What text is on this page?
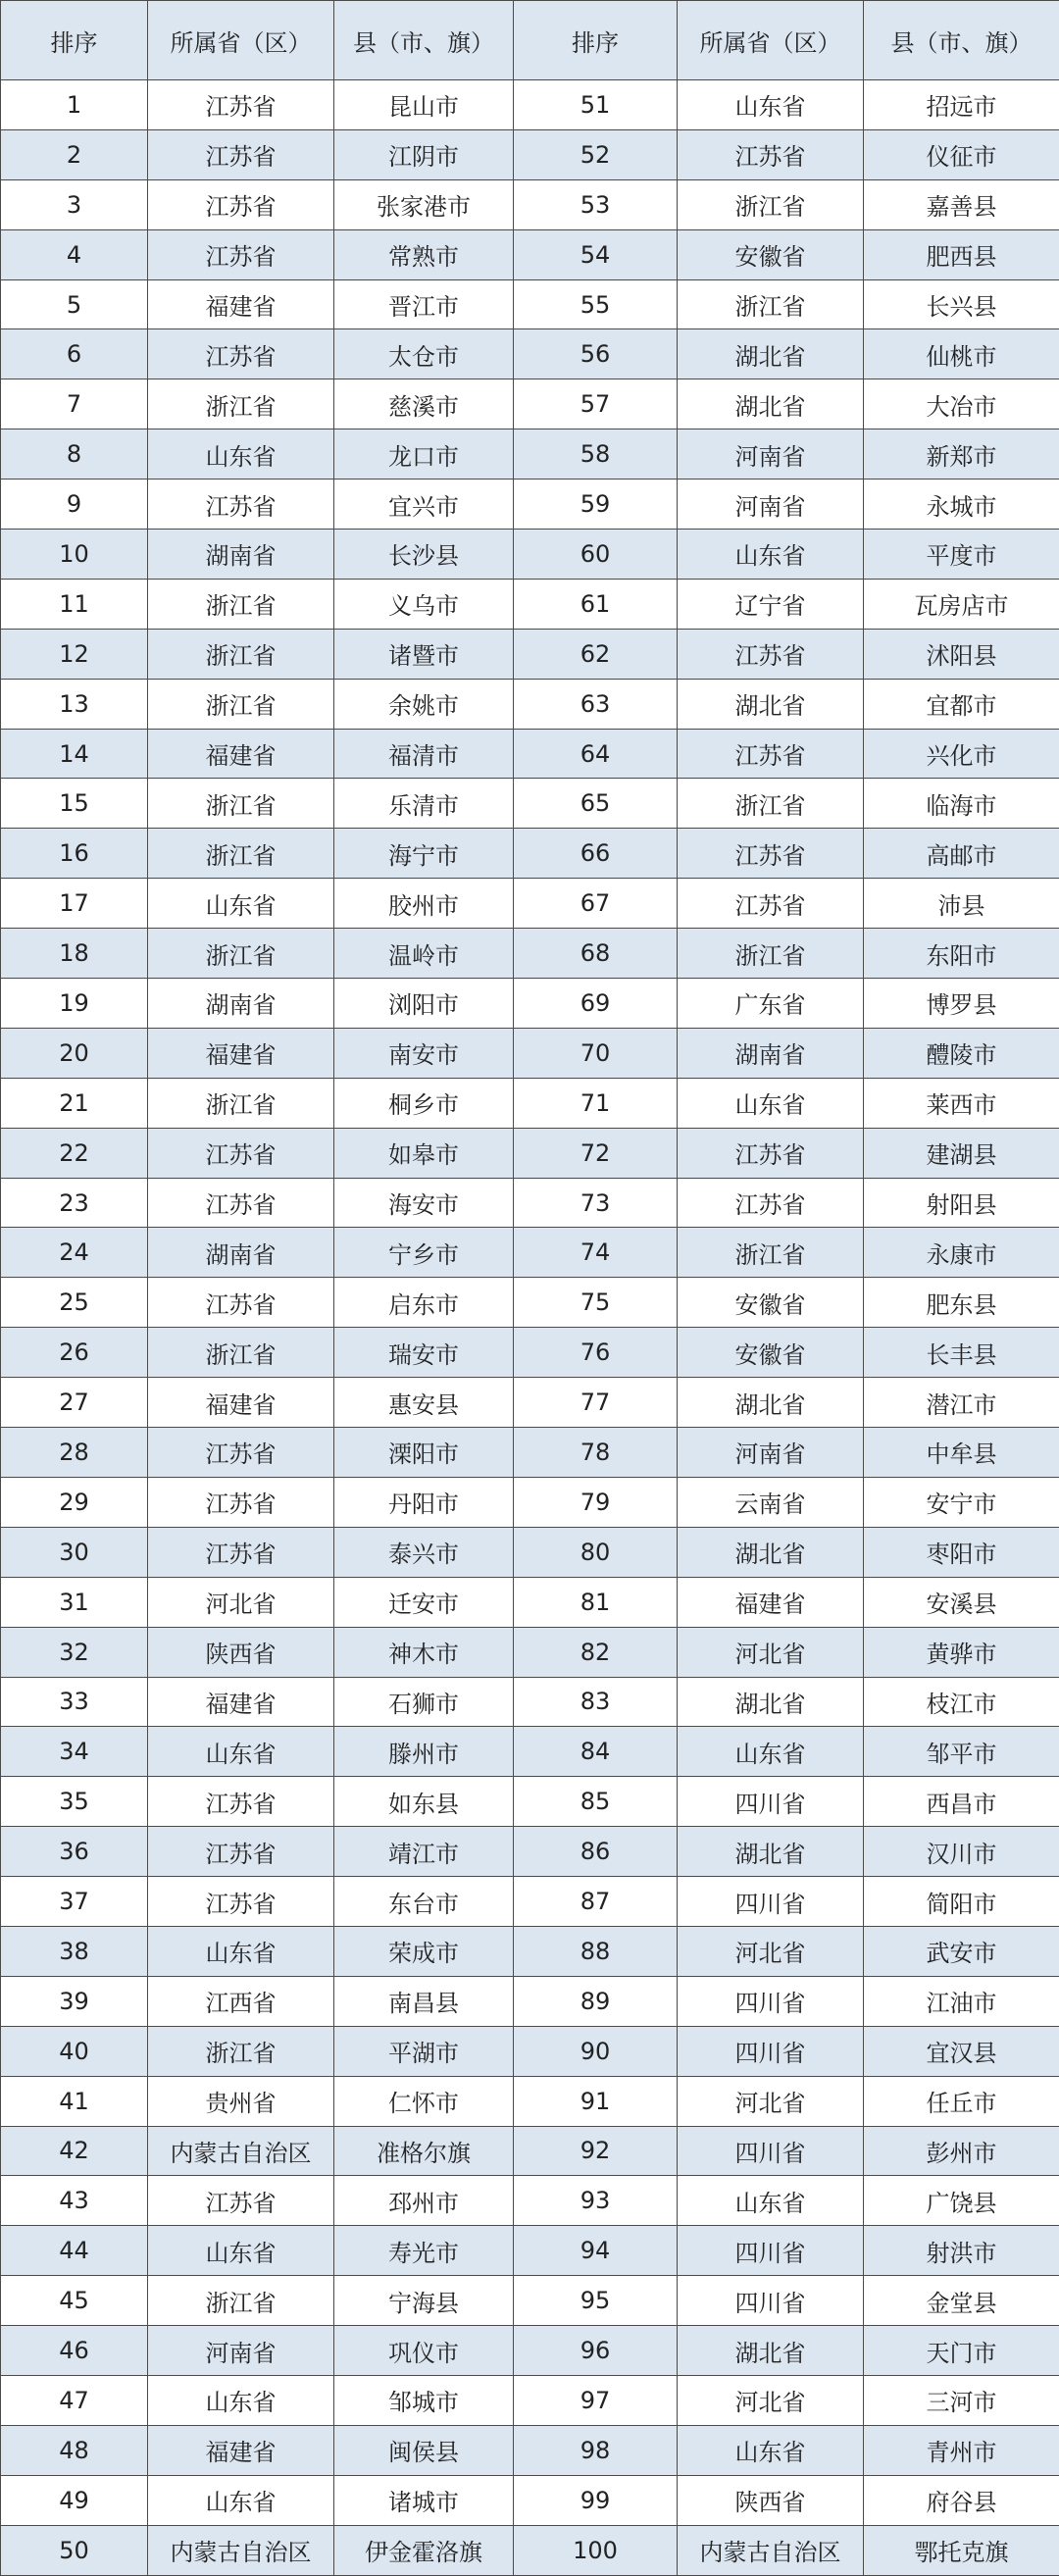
排序	所属省（区）	县（市、旗）	排序	所属省（区）	县（市、旗）
1	江苏省	昆山市	51	山东省	招远市
2	江苏省	江阴市	52	江苏省	仪征市
3	江苏省	张家港市	53	浙江省	嘉善县
4	江苏省	常熟市	54	安徽省	肥西县
5	福建省	晋江市	55	浙江省	长兴县
6	江苏省	太仓市	56	湖北省	仙桃市
7	浙江省	慈溪市	57	湖北省	大冶市
8	山东省	龙口市	58	河南省	新郑市
9	江苏省	宜兴市	59	河南省	永城市
10	湖南省	长沙县	60	山东省	平度市
11	浙江省	义乌市	61	辽宁省	瓦房店市
12	浙江省	诸暨市	62	江苏省	沭阳县
13	浙江省	余姚市	63	湖北省	宜都市
14	福建省	福清市	64	江苏省	兴化市
15	浙江省	乐清市	65	浙江省	临海市
16	浙江省	海宁市	66	江苏省	高邮市
17	山东省	胶州市	67	江苏省	沛县
18	浙江省	温岭市	68	浙江省	东阳市
19	湖南省	浏阳市	69	广东省	博罗县
20	福建省	南安市	70	湖南省	醴陵市
21	浙江省	桐乡市	71	山东省	莱西市
22	江苏省	如皋市	72	江苏省	建湖县
23	江苏省	海安市	73	江苏省	射阳县
24	湖南省	宁乡市	74	浙江省	永康市
25	江苏省	启东市	75	安徽省	肥东县
26	浙江省	瑞安市	76	安徽省	长丰县
27	福建省	惠安县	77	湖北省	潜江市
28	江苏省	溧阳市	78	河南省	中牟县
29	江苏省	丹阳市	79	云南省	安宁市
30	江苏省	泰兴市	80	湖北省	枣阳市
31	河北省	迁安市	81	福建省	安溪县
32	陕西省	神木市	82	河北省	黄骅市
33	福建省	石狮市	83	湖北省	枝江市
34	山东省	滕州市	84	山东省	邹平市
35	江苏省	如东县	85	四川省	西昌市
36	江苏省	靖江市	86	湖北省	汉川市
37	江苏省	东台市	87	四川省	简阳市
38	山东省	荣成市	88	河北省	武安市
39	江西省	南昌县	89	四川省	江油市
40	浙江省	平湖市	90	四川省	宜汉县
41	贵州省	仁怀市	91	河北省	任丘市
42	内蒙古自治区	准格尔旗	92	四川省	彭州市
43	江苏省	邳州市	93	山东省	广饶县
44	山东省	寿光市	94	四川省	射洪市
45	浙江省	宁海县	95	四川省	金堂县
46	河南省	巩仪市	96	湖北省	天门市
47	山东省	邹城市	97	河北省	三河市
48	福建省	闽侯县	98	山东省	青州市
49	山东省	诸城市	99	陕西省	府谷县
50	内蒙古自治区	伊金霍洛旗	100	内蒙古自治区	鄂托克旗
